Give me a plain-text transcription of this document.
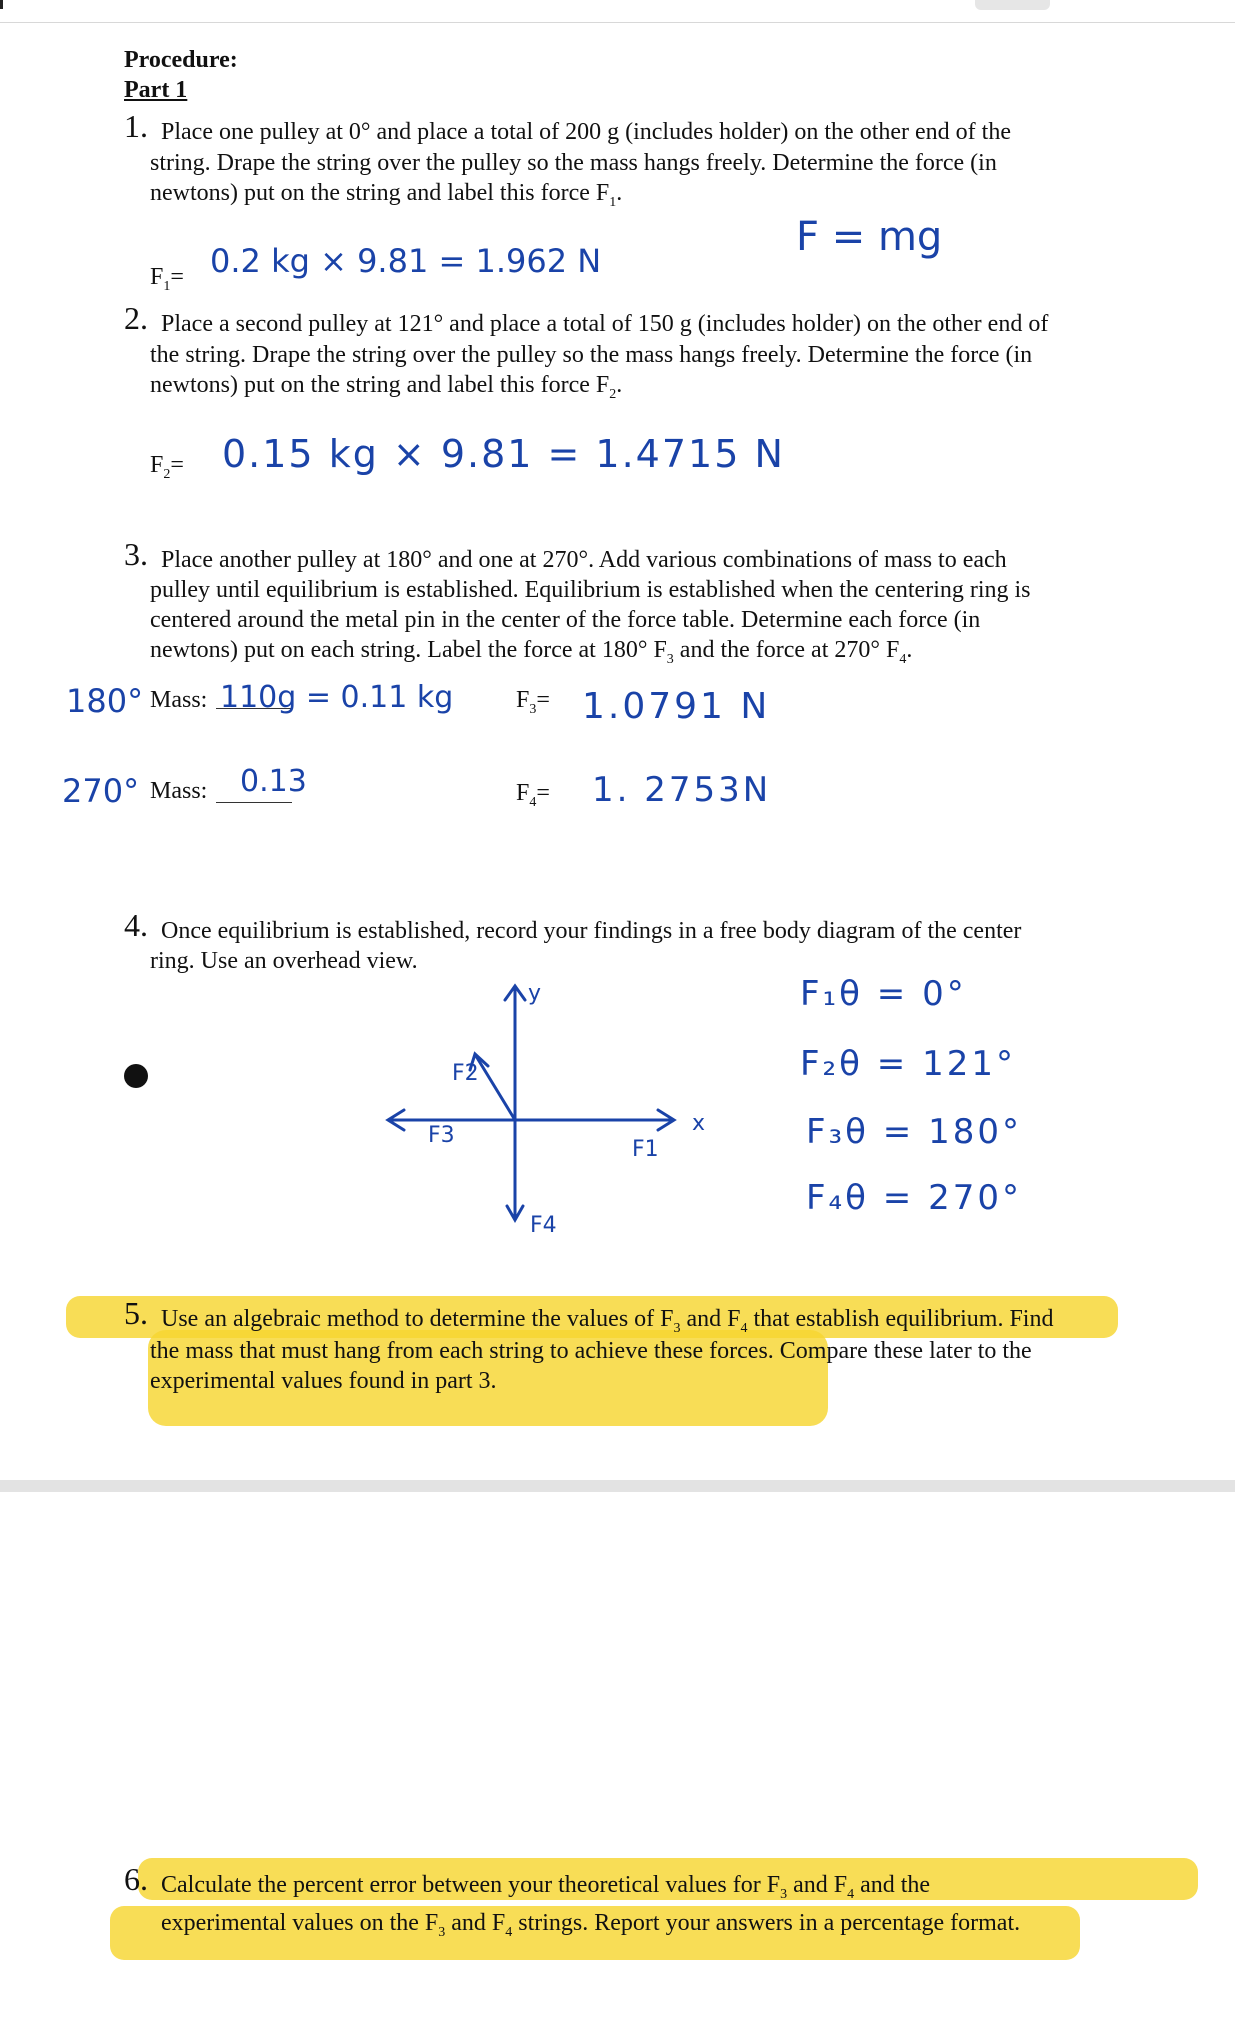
Procedure:
Part 1
1. Place one pulley at 0° and place a total of 200 g (includes holder) on the other end of the
string. Drape the string over the pulley so the mass hangs freely. Determine the force (in
newtons) put on the string and label this force $F_1$.
$F_1= 0.2$ kg × 9.81 = 1.962 N
F = mg
2. Place a second pulley at 121° and place a total of 150 g (includes holder) on the other end of
the string. Drape the string over the pulley so the mass hangs freely. Determine the force (in
newtons) put on the string and label this force $F_2$.
$F_2= 0.15$ kg × 9.81 = 1.4715 N
3. Place another pulley at 180° and one at 270°. Add various combinations of mass to each
pulley until equilibrium is established. Equilibrium is established when the centering ring is
centered around the metal pin in the center of the force table. Determine each force (in
newtons) put on each string. Label the force at 180° $F_3$ and the force at 270° $F_4$.
180° Mass: 110g = 0.11 kg	$F_3= 1.0791$ N
270° Mass: 0.13	$F_4= 1$. 2753N
4. Once equilibrium is established, record your findings in a free body diagram of the center
ring. Use an overhead view.
y
x
F1
F2
F3
F4
F₁θ = 0°
F₂θ = 121°
F₃θ = 180°
F₄θ = 270°
5. Use an algebraic method to determine the values of $F_3$ and $F_4$ that establish equilibrium. Find
the mass that must hang from each string to achieve these forces. Compare these later to the
experimental values found in part 3.
6. Calculate the percent error between your theoretical values for $F_3$ and $F_4$ and the
experimental values on the $F_3$ and $F_4$ strings. Report your answers in a percentage format.
